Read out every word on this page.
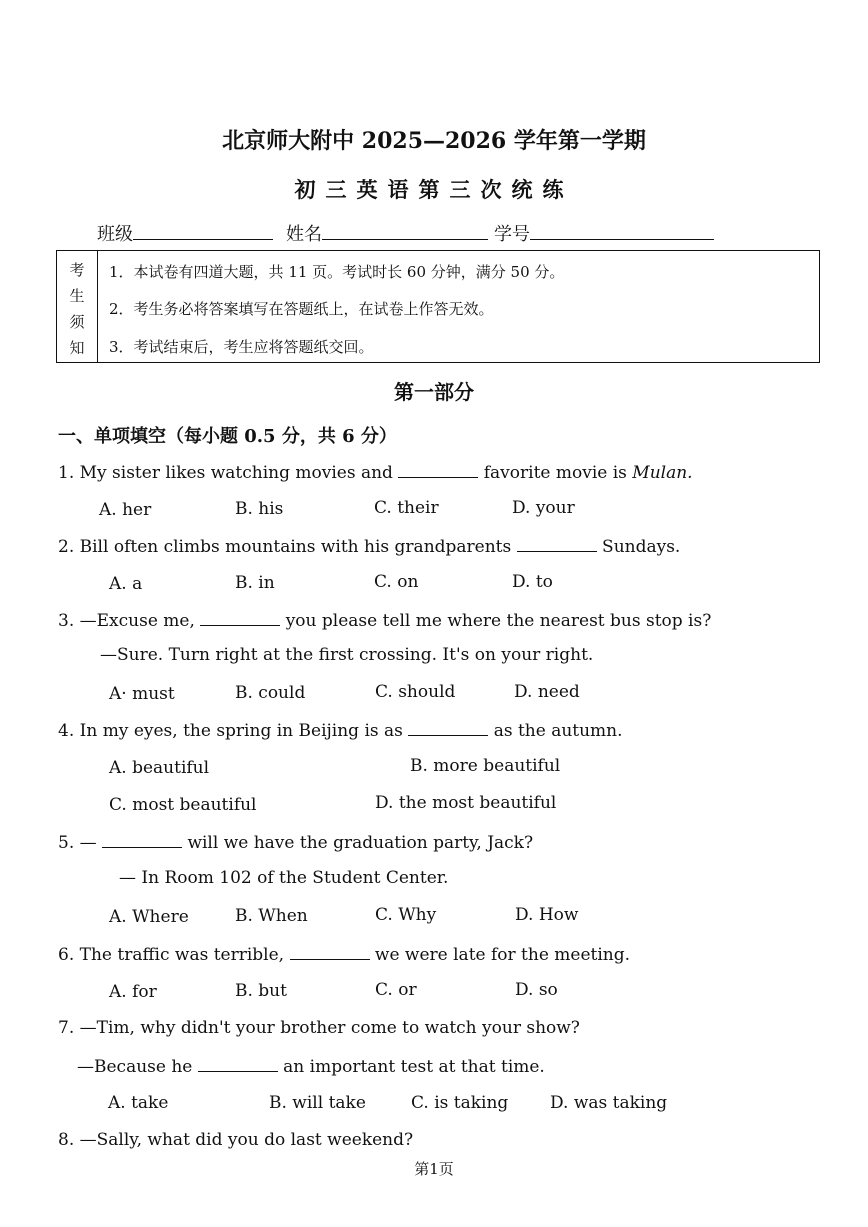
北京师大附中 2025—2026 学年第一学期
初三英语第三次统练
班级	姓名	学号
考
生
须
知
1．本试卷有四道大题，共 11 页。考试时长 60 分钟，满分 50 分。
2．考生务必将答案填写在答题纸上，在试卷上作答无效。
3．考试结束后，考生应将答题纸交回。
第一部分
一、单项填空（每小题 0.5 分，共 6 分）
1. My sister likes watching movies and	favorite movie is Mulan.
A. her	B. his	C. their	D. your
2. Bill often climbs mountains with his grandparents	Sundays.
A. a	B. in	C. on	D. to
3. —Excuse me,	you please tell me where the nearest bus stop is?
—Sure. Turn right at the first crossing. It's on your right.
A· must	B. could	C. should	D. need
4. In my eyes, the spring in Beijing is as	as the autumn.
A. beautiful	B. more beautiful
C. most beautiful	D. the most beautiful
5. —	will we have the graduation party, Jack?
— In Room 102 of the Student Center.
A. Where	B. When	C. Why	D. How
6. The traffic was terrible,	we were late for the meeting.
A. for	B. but	C. or	D. so
7. —Tim, why didn't your brother come to watch your show?
—Because he	an important test at that time.
A. take	B. will take	C. is taking D. was taking
8. —Sally, what did you do last weekend?
第1页
